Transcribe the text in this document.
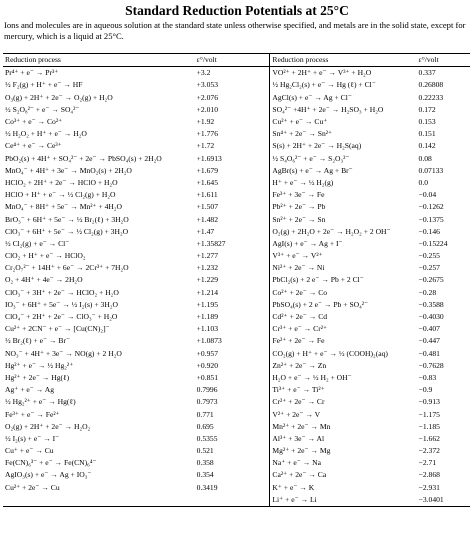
Standard Reduction Potentials at 25°C
Ions and molecules are in aqueous solution at the standard state unless otherwise specified, and metals are in the solid state, except for mercury, which is a liquid at 25°C.
Reduction process	ε°/volt	Reduction process	ε°/volt
Pr⁴⁺ + e⁻ → Pr³⁺	+3.2	VO²⁺ + 2H⁺ + e⁻ → V³⁺ + H₂O	0.337
½ F₂(g) + H⁺ + e⁻ → HF	+3.053	½ Hg₂Cl₂(s) + e⁻ → Hg (ℓ) + Cl⁻	0.26808
O₃(g) + 2H⁺ + 2e⁻ → O₂(g) + H₂O	+2.076	AgCl(s) + e⁻ → Ag + Cl⁻	0.22233
½ S₂O₈²⁻ + e⁻ → SO₄²⁻	+2.010	SO₄²⁻ +4H⁺ + 2e⁻ → H₂SO₃ + H₂O	0.172
Co³⁺ + e⁻ → Co²⁺	+1.92	Cu²⁺ + e⁻ → Cu⁺	0.153
½ H₂O₂ + H⁺ + e⁻ → H₂O	+1.776	Sn⁴⁺ + 2e⁻ → Sn²⁺	0.151
Ce⁴⁺ + e⁻ → Ce³⁺	+1.72	S(s) + 2H⁺ + 2e⁻ → H₂S(aq)	0.142
PbO₂(s) + 4H⁺ + SO₄²⁻ + 2e⁻ → PbSO₄(s) + 2H₂O	+1.6913	½ S₄O₆²⁻ + e⁻ → S₂O₃²⁻	0.08
MnO₄⁻ + 4H⁺ + 3e⁻ → MnO₂(s) + 2H₂O	+1.679	AgBr(s) + e⁻ → Ag + Br⁻	0.07133
HClO₂ + 2H⁺ + 2e⁻ → HClO + H₂O	+1.645	H⁺ + e⁻ → ½ H₂(g)	0.0
HClO + H⁺ + e⁻ → ½ Cl₂(g) + H₂O	+1.611	Fe³⁺ + 3e⁻ → Fe	−0.04
MnO₄⁻ + 8H⁺ + 5e⁻ → Mn²⁺ + 4H₂O	+1.507	Pb²⁺ + 2e⁻ → Pb	−0.1262
BrO₃⁻ + 6H⁺ + 5e⁻ → ½ Br₂(ℓ) + 3H₂O	+1.482	Sn²⁺ + 2e⁻ → Sn	−0.1375
ClO₃⁻ + 6H⁺ + 5e⁻ → ½ Cl₂(g) + 3H₂O	+1.47	O₂(g) + 2H₂O + 2e⁻ → H₂O₂ + 2 OH⁻	−0.146
½ Cl₂(g) + e⁻ → Cl⁻	+1.35827	AgI(s) + e⁻ → Ag + I⁻	−0.15224
ClO₂ + H⁺ + e⁻ → HClO₂	+1.277	V³⁺ + e⁻ → V²⁺	−0.255
Cr₂O₇²⁻ + 14H⁺ + 6e⁻ → 2Cr³⁺ + 7H₂O	+1.232	Ni²⁺ + 2e⁻ → Ni	−0.257
O₂ + 4H⁺ + 4e⁻ → 2H₂O	+1.229	PbCl₂(s) + 2 e⁻ → Pb + 2 Cl⁻	−0.2675
ClO₃⁻ + 3H⁺ + 2e⁻ → HClO₂ + H₂O	+1.214	Co²⁺ + 2e⁻ → Co	−0.28
IO₃⁻ + 6H⁺ + 5e⁻ → ½ I₂(s) + 3H₂O	+1.195	PbSO₄(s) + 2 e⁻ → Pb + SO₄²⁻	−0.3588
ClO₄⁻ + 2H⁺ + 2e⁻ → ClO₃⁻ + H₂O	+1.189	Cd²⁺ + 2e⁻ → Cd	−0.4030
Cu²⁺ + 2CN⁻ + e⁻ → [Cu(CN)₂]⁻	+1.103	Cr³⁺ + e⁻ → Cr²⁺	−0.407
½ Br₂(ℓ) + e⁻ → Br⁻	+1.0873	Fe²⁺ + 2e⁻ → Fe	−0.447
NO₃⁻ + 4H⁺ + 3e⁻ → NO(g) + 2 H₂O	+0.957	CO₂(g) + H⁺ + e⁻ → ½ (COOH)₂(aq)	−0.481
Hg²⁺ + e⁻ → ½ Hg₂²⁺	+0.920	Zn²⁺ + 2e⁻ → Zn	−0.7628
Hg²⁺ + 2e⁻ → Hg(ℓ)	+0.851	H₂O + e⁻ → ½ H₂ + OH⁻	−0.83
Ag⁺ + e⁻ → Ag	0.7996	Ti³⁺ + e⁻ → Ti²⁺	−0.9
½ Hg₂²⁺ + e⁻ → Hg(ℓ)	0.7973	Cr²⁺ + 2e⁻ → Cr	−0.913
Fe³⁺ + e⁻ → Fe²⁺	0.771	V²⁺ + 2e⁻ → V	−1.175
O₂(g) + 2H⁺ + 2e⁻ → H₂O₂	0.695	Mn²⁺ + 2e⁻ → Mn	−1.185
½ I₂(s) + e⁻ → I⁻	0.5355	Al³⁺ + 3e⁻ → Al	−1.662
Cu⁺ + e⁻ → Cu	0.521	Mg²⁺ + 2e⁻ → Mg	−2.372
Fe(CN)₆³⁻ + e⁻ → Fe(CN)₆⁴⁻	0.358	Na⁺ + e⁻ → Na	−2.71
AgIO₃(s) + e⁻ → Ag + IO₃⁻	0.354	Ca²⁺ + 2e⁻ → Ca	−2.868
Cu²⁺ + 2e⁻ → Cu	0.3419	K⁺ + e⁻ → K	−2.931
		Li⁺ + e⁻ → Li	−3.0401
